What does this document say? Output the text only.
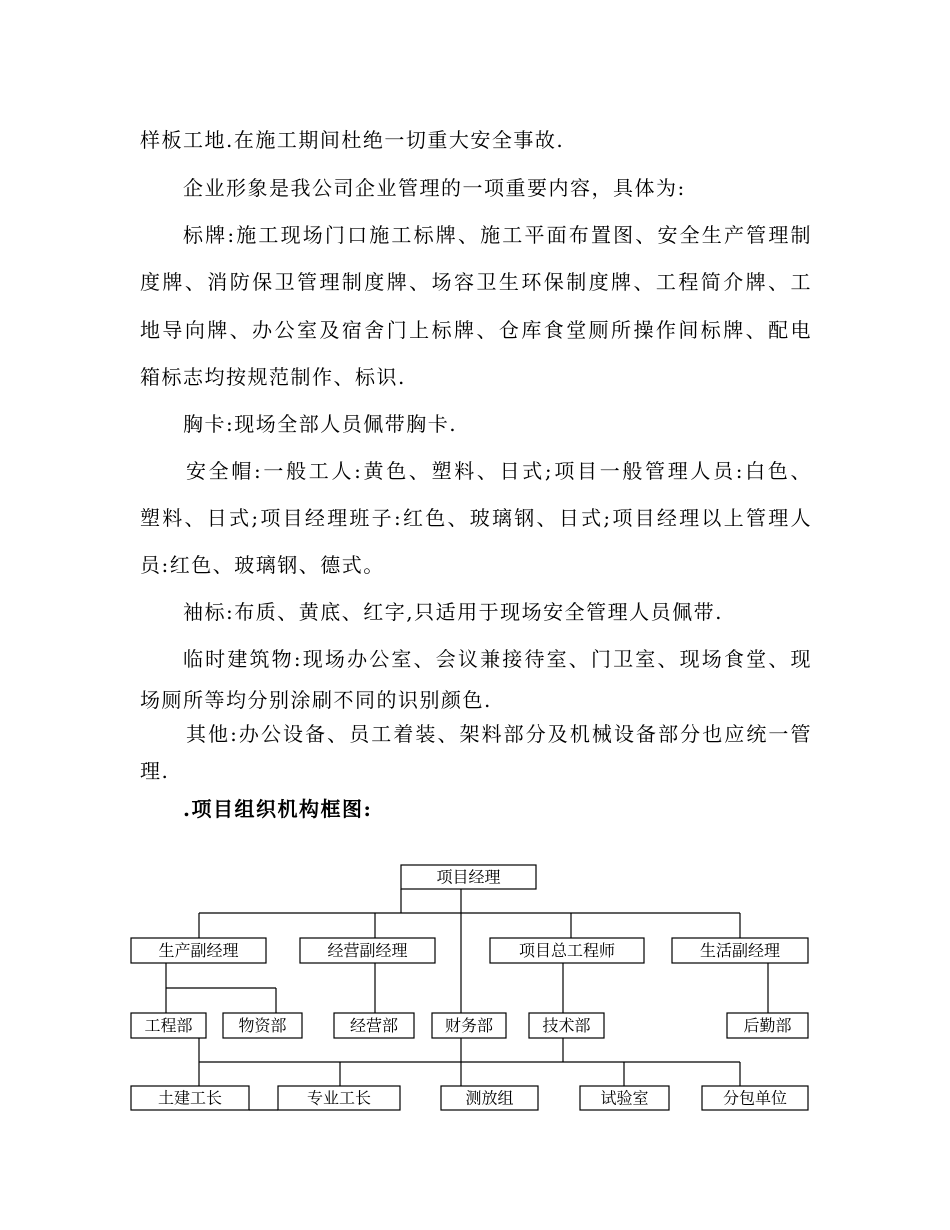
样板工地.在施工期间杜绝一切重大安全事故.
企业形象是我公司企业管理的一项重要内容，具体为:
标牌:施工现场门口施工标牌、施工平面布置图、安全生产管理制
度牌、消防保卫管理制度牌、场容卫生环保制度牌、工程简介牌、工
地导向牌、办公室及宿舍门上标牌、仓库食堂厕所操作间标牌、配电
箱标志均按规范制作、标识.
胸卡:现场全部人员佩带胸卡.
安全帽:一般工人:黄色、塑料、日式;项目一般管理人员:白色、
塑料、日式;项目经理班子:红色、玻璃钢、日式;项目经理以上管理人
员:红色、玻璃钢、德式。
袖标:布质、黄底、红字,只适用于现场安全管理人员佩带.
临时建筑物:现场办公室、会议兼接待室、门卫室、现场食堂、现
场厕所等均分别涂刷不同的识别颜色.
其他:办公设备、员工着装、架料部分及机械设备部分也应统一管
理.
.项目组织机构框图:
项目经理
生产副经理	经营副经理	项目总工程师	生活副经理
工程部	物资部	经营部	财务部	技术部	后勤部
土建工长	专业工长	测放组	试验室	分包单位
